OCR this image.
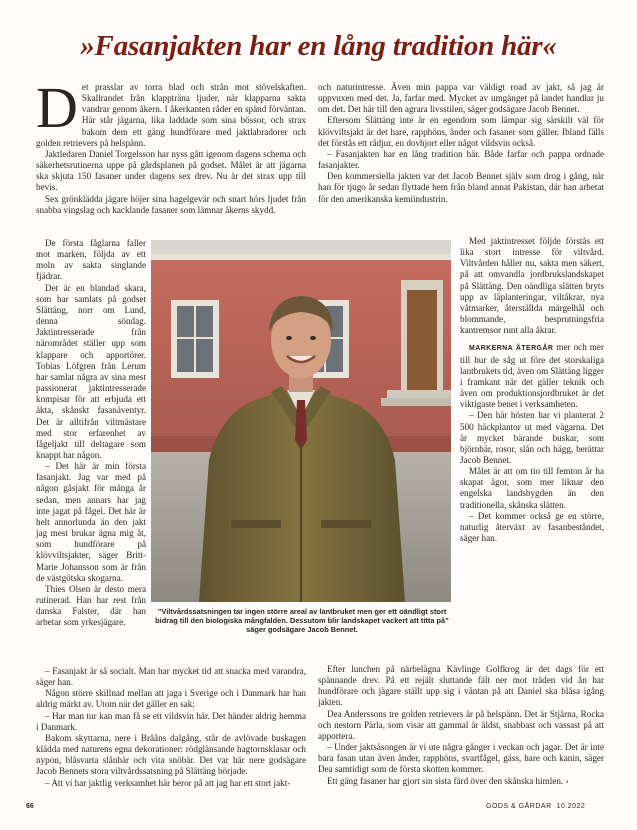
»Fasanjakten har en lång tradition här«
D et prasslar av torra blad och strån mot stövelskaften. Skallrandet från klappträna ljuder, när klapparna sakta vandrar genom åkern. I åkerkanten råder en spänd förväntan. Här står jägarna, lika laddade som sina bössor, och strax bakom dem ett gäng hundförare med jaktlabradorer och golden retrievers på helspänn.

Jaktledaren Daniel Torgelsson har nyss gått igenom dagens schema och säkerhetsrutinerna uppe på gårdsplanen på godset. Målet är att jägarna ska skjuta 150 fasaner under dagens sex drev. Nu är det strax upp till bevis.

Sex grönklädda jägare höjer sina hagelgevär och snart hörs ljudet från snabba vingslag och kacklande fasaner som lämnar åkerns skydd.

De första fåglarna faller mot marken, följda av ett moln av sakta singlande fjädrar.

Det är en blandad skara, som har samlats på godset Slättäng, norr om Lund, denna söndag. Jaktintresserade från närområdet ställer upp som klappare och apportörer. Tobias Löfgren från Lerum har samlat några av sina mest passionerat jaktintresserade kompisar för att erbjuda ett äkta, skånskt fasanäventyr. Det är alltifrån viltmästare med stor erfarenhet av fågeljakt till deltagare som knappt har någon.

– Det här är min första fasanjakt. Jag var med på någon gåsjakt för många år sedan, men annars har jag inte jagat på fågel. Det här är helt annorlunda än den jakt jag mest brukar ägna mig åt, som hundförare på klövviltsjakter, säger Britt-Marie Johansson som är från de västgötska skogarna.

Thies Olsen är desto mera rutinerad. Han har rest från danska Falster, där han arbetar som yrkesjägare.

– Fasanjakt är så socialt. Man har mycket tid att snacka med varandra, säger han.

Någon större skillnad mellan att jaga i Sverige och i Danmark har han aldrig märkt av. Utom när det gäller en sak:

– Har man tur kan man få se ett vildsvin här. Det händer aldrig hemma i Danmark.

Bakom skyttarna, nere i Brååns dalgång, står de avlövade buskagen klädda med naturens egna dekorationer: rödglänsande hagtornsklasar och nypon, blåsvarta slånbär och vita snöbär. Det var här nere godsägare Jacob Bennets stora viltvårdssatsning på Slättäng började.

– Att vi har jaktlig verksamhet här beror på att jag har ett stort jakt-

och naturintresse. Även min pappa var väldigt road av jakt, så jag är uppvuxen med det. Ja, farfar med. Mycket av umgänget på landet handlar ju om det. Det här till den agrara livsstilen, säger godsägare Jacob Bennet.

Eftersom Slättäng inte är en egendom som lämpar sig särskilt väl för klövviltsjakt är det hare, rapphöns, änder och fasaner som gäller. Ibland fälls det förstås ett rådjur, en dovhjort eller något vildsvin också.

– Fasanjakten har en lång tradition här. Både farfar och pappa ordnade fasanjakter.

Den kommersiella jakten var det Jacob Bennet själv som drog i gång, när han för tjugo år sedan flyttade hem från bland annat Pakistan, där han arbetat för den amerikanska kemiindustrin.

Med jaktintresset följde förstås ett lika stort intresse för viltvård. Viltvården håller nu, sakta men säkert, på att omvandla jordbrukslandskapet på Slättäng. Den oändliga slätten bryts upp av läplanteringar, viltåkrar, nya våtmarker, återställda märgelhål och blommande, besprutningsfria kantremsor runt alla åkrar.

MARKERNA ÅTERGÅR mer och mer till hur de såg ut före det storskaliga lantbrukets tid, även om Slättäng ligger i framkant när det gäller teknik och även om produktionsjordbruket är det viktigaste benet i verksamheten.

– Den här hösten har vi planterat 2 500 häckplantor ut med vägarna. Det är mycket bärande buskar, som björnbär, rosor, slån och hägg, berättar Jacob Bennet.

Målet är att om tio till femton år ha skapat ägor, som mer liknar den engelska landsbygden än den traditionella, skånska slätten.

– Det kommer också ge en större, naturlig återväxt av fasanbeståndet, säger han.

Efter lunchen på närbelägna Kävlinge Golfkrog är det dags för ett spännande drev. På ett rejält sluttande fält ner mot träden vid ån har hundförare och jägare ställt upp sig i väntan på att Daniel ska blåsa igång jakten.

Dea Anderssons tre golden retrievers är på helspänn. Det är Stjärna, Rocka och nestorn Pärla, som visar att gammal är äldst, snabbast och vassast på att apportera.

– Under jaktsäsongen är vi ute några gånger i veckan och jagar. Det är inte bara fasan utan även änder, rapphöns, svartfågel, gäss, hare och kanin, säger Dea samtidigt som de första skotten kommer.

Ett gäng fasaner har gjort sin sista färd över den skånska himlen. ›

”Viltvårdssatsningen tar ingen större areal av lantbruket men ger ett oändligt stort bidrag till den biologiska mångfalden. Dessutom blir landskapet vackert att titta på” säger godsägare Jacob Bennet.
66	GODS & GÅRDAR 10.2022
